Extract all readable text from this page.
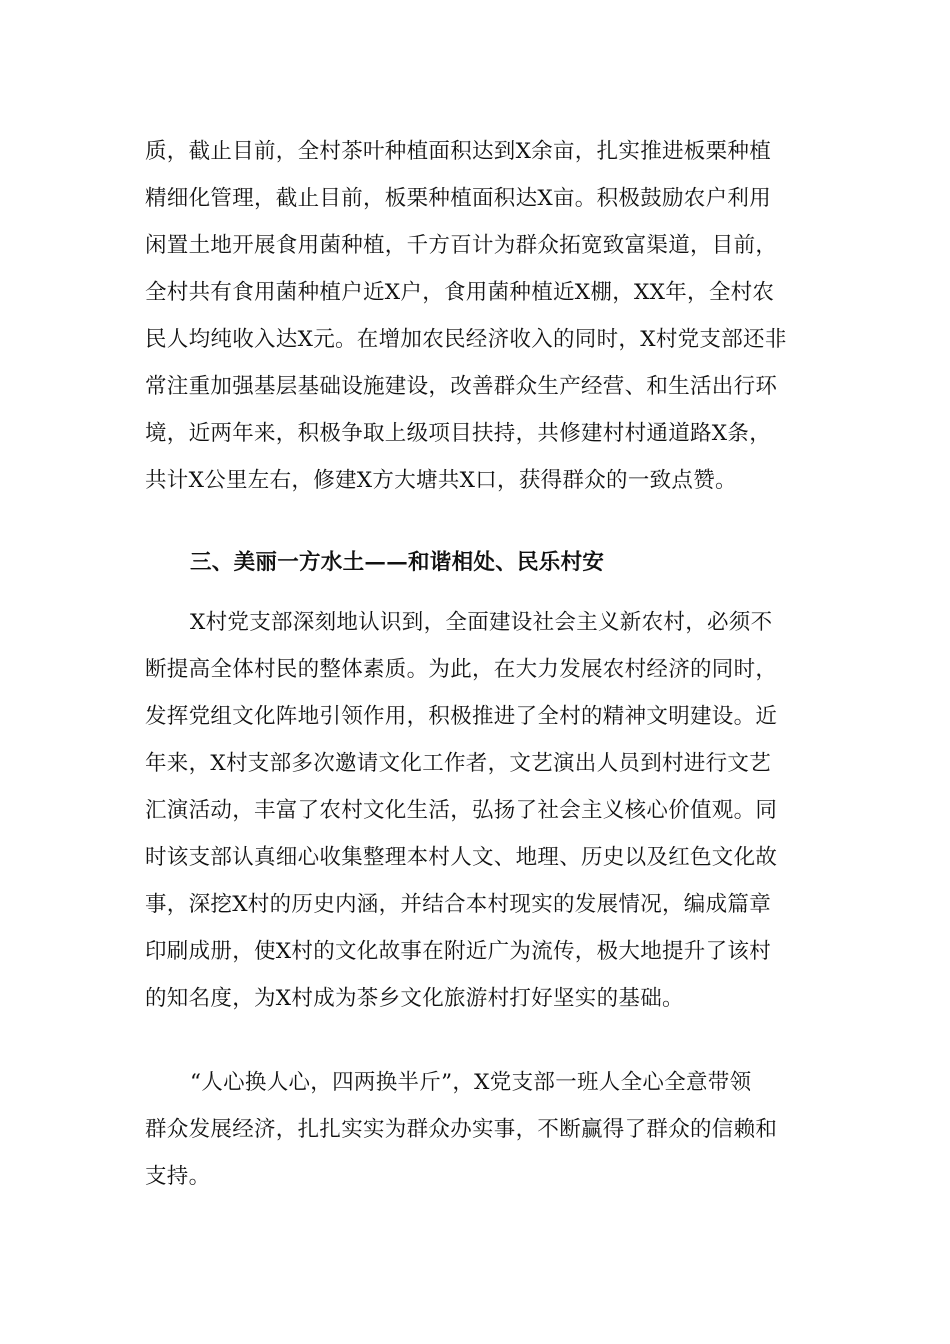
质，截止目前，全村茶叶种植面积达到X余亩，扎实推进板栗种植
精细化管理，截止目前，板栗种植面积达X亩。积极鼓励农户利用
闲置土地开展食用菌种植，千方百计为群众拓宽致富渠道，目前，
全村共有食用菌种植户近X户，食用菌种植近X棚，XX年，全村农
民人均纯收入达X元。在增加农民经济收入的同时，X村党支部还非
常注重加强基层基础设施建设，改善群众生产经营、和生活出行环
境，近两年来，积极争取上级项目扶持，共修建村村通道路X条，
共计X公里左右，修建X方大塘共X口，获得群众的一致点赞。
三、美丽一方水土——和谐相处、民乐村安
X村党支部深刻地认识到，全面建设社会主义新农村，必须不
断提高全体村民的整体素质。为此，在大力发展农村经济的同时，
发挥党组文化阵地引领作用，积极推进了全村的精神文明建设。近
年来，X村支部多次邀请文化工作者，文艺演出人员到村进行文艺
汇演活动，丰富了农村文化生活，弘扬了社会主义核心价值观。同
时该支部认真细心收集整理本村人文、地理、历史以及红色文化故
事，深挖X村的历史内涵，并结合本村现实的发展情况，编成篇章
印刷成册，使X村的文化故事在附近广为流传，极大地提升了该村
的知名度，为X村成为茶乡文化旅游村打好坚实的基础。
“人心换人心，四两换半斤”，X党支部一班人全心全意带领
群众发展经济，扎扎实实为群众办实事，不断赢得了群众的信赖和
支持。
